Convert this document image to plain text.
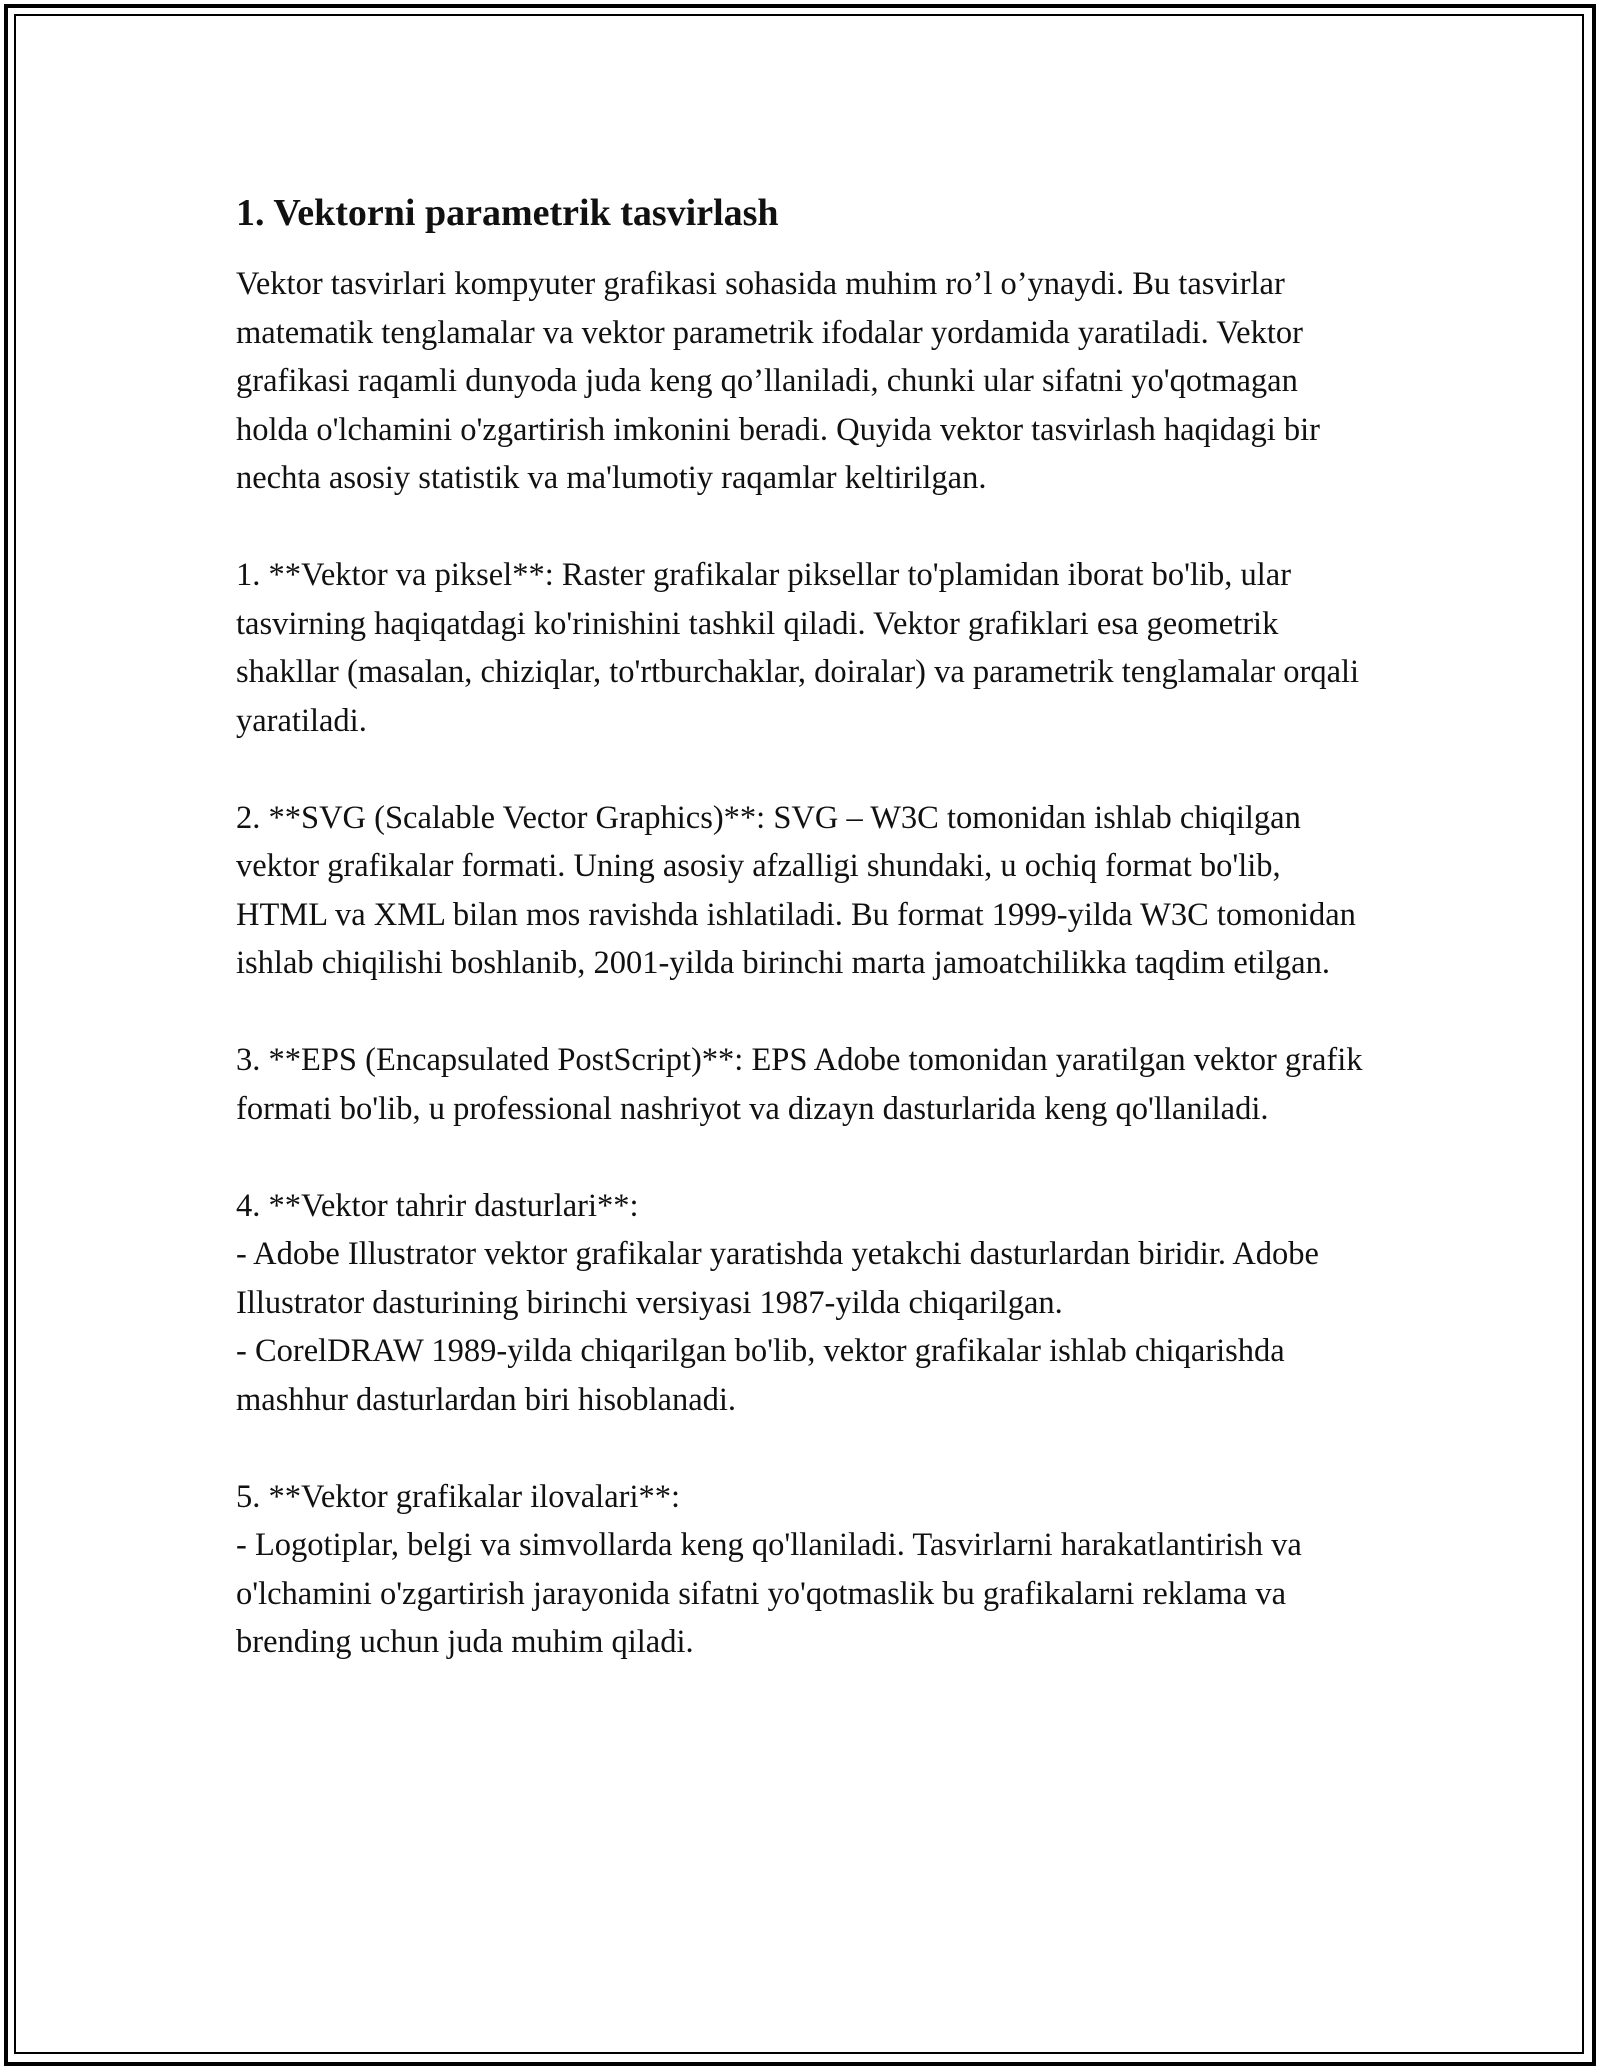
1. Vektorni parametrik tasvirlash

Vektor tasvirlari kompyuter grafikasi sohasida muhim ro’l o’ynaydi. Bu tasvirlar matematik tenglamalar va vektor parametrik ifodalar yordamida yaratiladi. Vektor grafikasi raqamli dunyoda juda keng qo’llaniladi, chunki ular sifatni yo'qotmagan holda o'lchamini o'zgartirish imkonini beradi. Quyida vektor tasvirlash haqidagi bir nechta asosiy statistik va ma'lumotiy raqamlar keltirilgan.

1. **Vektor va piksel**: Raster grafikalar piksellar to'plamidan iborat bo'lib, ular tasvirning haqiqatdagi ko'rinishini tashkil qiladi. Vektor grafiklari esa geometrik shakllar (masalan, chiziqlar, to'rtburchaklar, doiralar) va parametrik tenglamalar orqali yaratiladi.

2. **SVG (Scalable Vector Graphics)**: SVG – W3C tomonidan ishlab chiqilgan vektor grafikalar formati. Uning asosiy afzalligi shundaki, u ochiq format bo'lib, HTML va XML bilan mos ravishda ishlatiladi. Bu format 1999-yilda W3C tomonidan ishlab chiqilishi boshlanib, 2001-yilda birinchi marta jamoatchilikka taqdim etilgan.

3. **EPS (Encapsulated PostScript)**: EPS Adobe tomonidan yaratilgan vektor grafik formati bo'lib, u professional nashriyot va dizayn dasturlarida keng qo'llaniladi.

4. **Vektor tahrir dasturlari**:
- Adobe Illustrator vektor grafikalar yaratishda yetakchi dasturlardan biridir. Adobe Illustrator dasturining birinchi versiyasi 1987-yilda chiqarilgan.
- CorelDRAW 1989-yilda chiqarilgan bo'lib, vektor grafikalar ishlab chiqarishda mashhur dasturlardan biri hisoblanadi.

5. **Vektor grafikalar ilovalari**:
- Logotiplar, belgi va simvollarda keng qo'llaniladi. Tasvirlarni harakatlantirish va o'lchamini o'zgartirish jarayonida sifatni yo'qotmaslik bu grafikalarni reklama va brending uchun juda muhim qiladi.
